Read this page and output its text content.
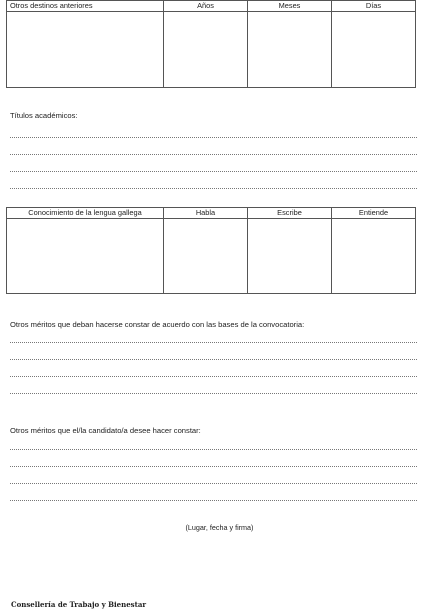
Otros destinos anteriores	Años	Meses	Días

Títulos académicos:
Conocimiento de la lengua gallega	Habla	Escribe	Entiende

Otros méritos que deban hacerse constar de acuerdo con las bases de la convocatoria:
Otros méritos que el/la candidato/a desee hacer constar:
(Lugar, fecha y firma)
Consellería de Trabajo y Bienestar
